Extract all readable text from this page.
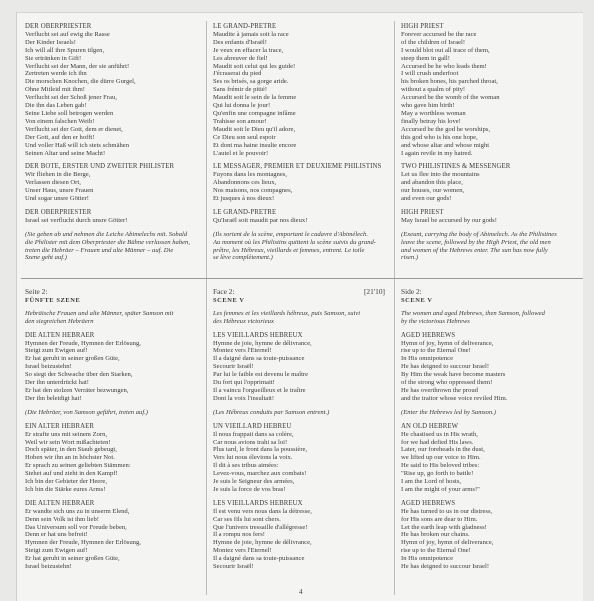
DER OBERPRIESTER
Verflucht sei auf ewig die Rasse
Der Kinder Israels!
Ich will all ihre Spuren tilgen,
Sie ertränken in Gift!
Verflucht sei der Mann, der sie anführt!
Zertreten werde ich ihn
Die morschen Knochen, die dürre Gurgel,
Ohne Mitleid mit ihm!
Verflucht sei der Schoß jener Frau,
Die ihn das Leben gab!
Seine Liebe soll betrogen werden
Von einem falschen Weib!
Verflucht sei der Gott, dem er dienet,
Der Gott, auf den er hofft!
Und voller Haß will ich stets schmähen
Seinen Altar und seine Macht!
DER BOTE, ERSTER UND ZWEITER PHILISTER
Wir fliehen in die Berge,
Verlassen diesen Ort,
Unser Haus, unsre Frauen
Und sogar unsre Götter!
DER OBERPRIESTER
Israel sei verflucht durch unsre Götter!
(Sie geben ab und nehmen die Leiche Abimelechs mit. Sobald
die Philister mit dem Oberpriester die Bühne verlassen haben,
treten die Hebräer – Frauen und alte Männer – auf. Die
Szene geht auf.)
LE GRAND-PRÊTRE
Maudite à jamais soit la race
Des enfants d'Israël!
Je veux en effacer la trace,
Les abreuver de fiel!
Maudit soit celui qui les guide!
J'écraserai du pied
Ses os brisés, sa gorge aride.
Sans frémir de pitié!
Maudit soit le sein de la femme
Qui lui donna le jour!
Qu'enfin une compagne infâme
Trahisse son amour!
Maudit soit le Dieu qu'il adore,
Ce Dieu son seul espoir
Et dont ma haine insulte encore
L'autel et le pouvoir!
LE MESSAGER, PREMIER ET DEUXIÈME PHILISTINS
Fuyons dans les montagnes,
Abandonnons ces lieux,
Nos maisons, nos compagnes,
Et jusques à nos dieux!
LE GRAND-PRÊTRE
Qu'Israël soit maudit par nos dieux!
(Ils sortent de la scène, emportant le cadavre d'Abimélech.
Au moment où les Philistins quittent la scène suivis du grand-
prêtre, les Hébreux, vieillards et femmes, entrent. Le toile
se lève complètement.)
HIGH PRIEST
Forever accursed be the race
of the children of Israel!
I would blot out all trace of them,
steep them in gall!
Accursed be he who leads them!
I will crush underfoot
his broken bones, his parched throat,
without a qualm of pity!
Accursed be the womb of the woman
who gave him birth!
May a worthless woman
finally betray his love!
Accursed be the god he worships,
this god who is his one hope,
and whose altar and whose might
I again revile in my hatred.
TWO PHILISTINES & MESSENGER
Let us flee into the mountains
and abandon this place,
our houses, our women,
and even our gods!
HIGH PRIEST
May Israel be accursed by our gods!
(Exeunt, carrying the body of Abimelech. As the Philistines
leave the scene, followed by the High Priest, the old men
and women of the Hebrews enter. The sun has now fully
risen.)
Seite 2:
FÜNFTE SZENE
Hebräische Frauen und alte Männer, später Samson mit
den siegreichen Hebräern
DIE ALTEN HEBRÄER
Hymnen der Freude, Hymnen der Erlösung,
Steigt zum Ewigen auf!
Er hat geruht in seiner großen Güte,
Israel beizustehn!
So siegt der Schwache über den Starken,
Der ihn unterdrückt hat!
Er hat den stolzen Verräter bezwungen,
Der ihn beleidigt hat!
(Die Hebräer, von Samson geführt, treten auf.)
EIN ALTER HEBRÄER
Er strafte uns mit seinem Zorn,
Weil wir sein Wort mißachteten!
Doch später, in den Staub gebeugt,
Hoben wir ihn an in höchster Not.
Er sprach zu seinen geliebten Stämmen:
Stehet auf und zieht in den Kampf!
Ich bin der Gebieter der Heere,
Ich bin die Stärke eures Arms!
DIE ALTEN HEBRÄER
Er wandte sich uns zu in unserm Elend,
Denn sein Volk ist ihm lieb!
Das Universum soll vor Freude beben,
Denn er hat uns befreit!
Hymnen der Freude, Hymnen der Erlösung,
Steigt zum Ewigen auf!
Er hat geruht in seiner großen Güte,
Israel beizustehn!
Face 2:	[21'10]
SCENE V
Les femmes et les vieillards hébreux, puis Samson, suivi
des Hébreux victorieux
LES VIEILLARDS HÉBREUX
Hymne de joie, hymne de délivrance,
Montez vers l'Eternel!
Il a daigné dans sa toute-puissance
Secourir Israël!
Par lui le faible est devenu le maître
Du fort qui l'opprimait!
Il a vaincu l'orgueilleux et le traître
Dont la voix l'insultait!
(Les Hébreux conduits par Samson entrent.)
UN VIEILLARD HÉBREU
Il nous frappait dans sa colère,
Car nous avions trahi sa loi!
Plus tard, le front dans la poussière,
Vers lui nous élevions la voix.
Il dit à ses tribus aimées:
Levez-vous, marchez aux combats!
Je suis le Seigneur des armées,
Je suis la force de vos bras!
LES VIEILLARDS HÉBREUX
Il est venu vers nous dans la détresse,
Car ses fils lui sont chers.
Que l'univers tressaille d'allégresse!
Il a rompu nos fers!
Hymne de joie, hymne de délivrance,
Montez vers l'Eternel!
Il a daigné dans sa toute-puissance
Secourir Israël!
Side 2:
SCENE V
The women and aged Hebrews, then Samson, followed
by the victorious Hebrews
AGED HEBREWS
Hymn of joy, hymn of deliverance,
rise up to the Eternal One!
In His omnipotence
He has deigned to succour Israel!
By Him the weak have become masters
of the strong who oppressed them!
He has overthrown the proud
and the traitor whose voice reviled Him.
(Enter the Hebrews led by Samson.)
AN OLD HEBREW
He chastised us in His wrath,
for we had defied His laws.
Later, our foreheads in the dust,
we lifted up our voice to Him.
He said to His beloved tribes:
"Rise up, go forth to battle!
I am the Lord of hosts,
I am the might of your arms!"
AGED HEBREWS
He has turned to us in our distress,
for His sons are dear to Him.
Let the earth leap with gladness!
He has broken our chains.
Hymn of joy, hymn of deliverance,
rise up to the Eternal One!
In His omnipotence
He has deigned to succour Israel!
4
